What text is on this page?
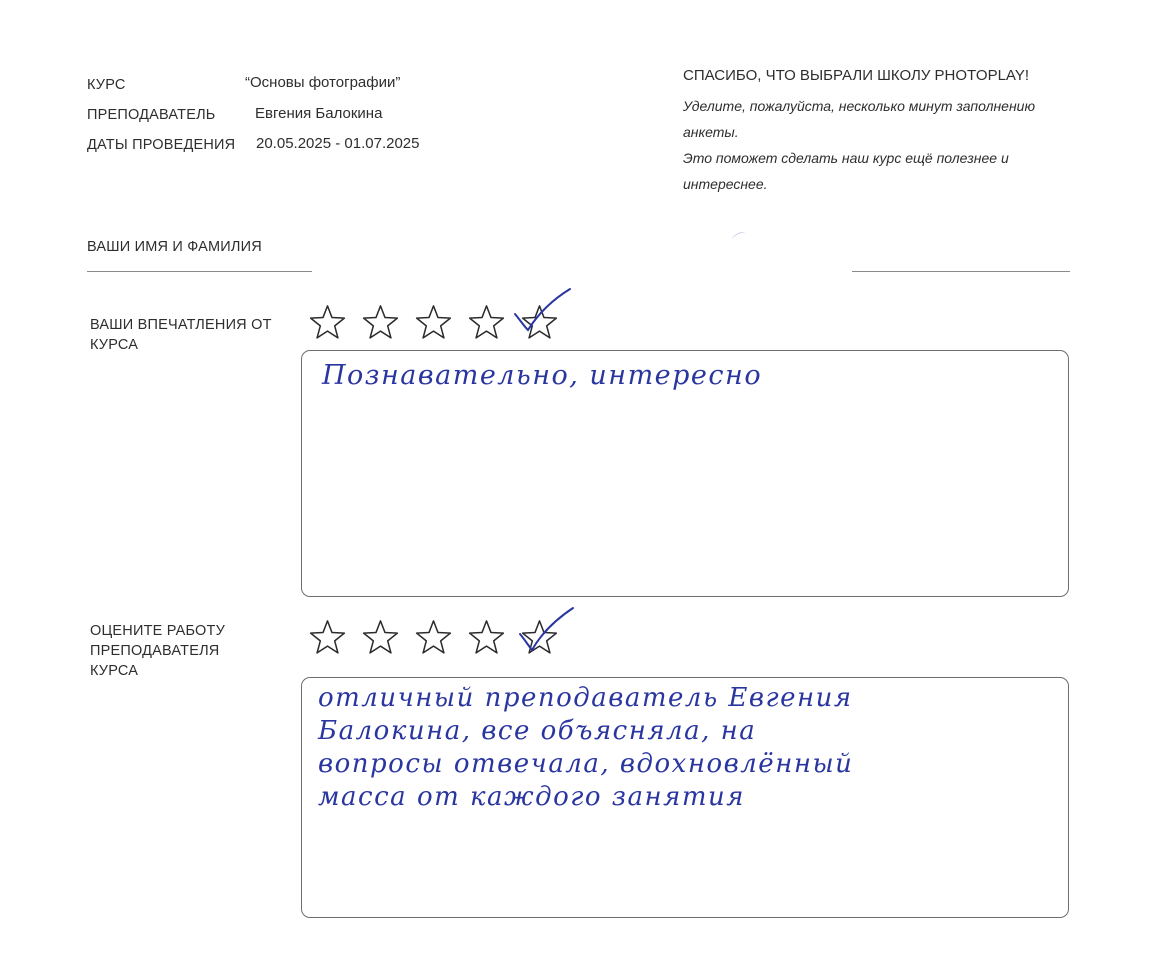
КУРС	“Основы фотографии”
ПРЕПОДАВАТЕЛЬ	Евгения Балокина
ДАТЫ ПРОВЕДЕНИЯ 20.05.2025 - 01.07.2025
СПАСИБО, ЧТО ВЫБРАЛИ ШКОЛУ PHOTOPLAY!
Уделите, пожалуйста, несколько минут заполнению анкеты.
Это поможет сделать наш курс ещё полезнее и интереснее.
ВАШИ ИМЯ И ФАМИЛИЯ
ВАШИ ВПЕЧАТЛЕНИЯ ОТ КУРСА
Познавательно, интересно
ОЦЕНИТЕ РАБОТУ ПРЕПОДАВАТЕЛЯ КУРСА
отличный преподаватель Евгения
Балокина, все объясняла, на
вопросы отвечала, вдохновлённый
масса от каждого занятия
